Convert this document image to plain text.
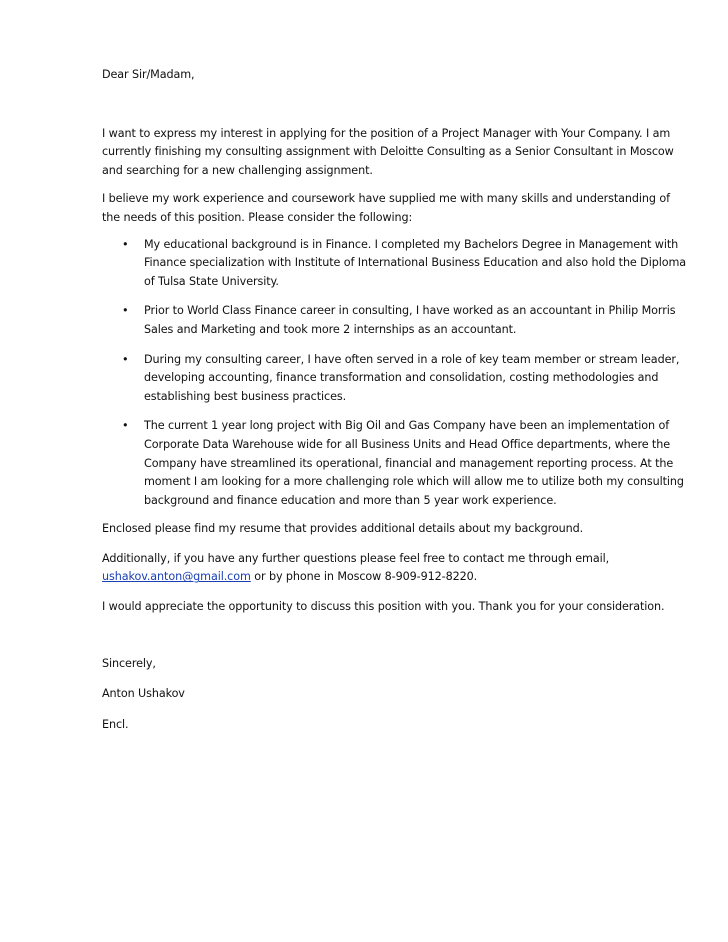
Dear Sir/Madam,

I want to express my interest in applying for the position of a Project Manager with Your Company. I am currently finishing my consulting assignment with Deloitte Consulting as a Senior Consultant in Moscow and searching for a new challenging assignment.

I believe my work experience and coursework have supplied me with many skills and understanding of the needs of this position. Please consider the following:

• My educational background is in Finance. I completed my Bachelors Degree in Management with Finance specialization with Institute of International Business Education and also hold the Diploma of Tulsa State University.
• Prior to World Class Finance career in consulting, I have worked as an accountant in Philip Morris Sales and Marketing and took more 2 internships as an accountant.
• During my consulting career, I have often served in a role of key team member or stream leader, developing accounting, finance transformation and consolidation, costing methodologies and establishing best business practices.
• The current 1 year long project with Big Oil and Gas Company have been an implementation of Corporate Data Warehouse wide for all Business Units and Head Office departments, where the Company have streamlined its operational, financial and management reporting process. At the moment I am looking for a more challenging role which will allow me to utilize both my consulting background and finance education and more than 5 year work experience.

Enclosed please find my resume that provides additional details about my background.

Additionally, if you have any further questions please feel free to contact me through email,
ushakov.anton@gmail.com or by phone in Moscow 8-909-912-8220.

I would appreciate the opportunity to discuss this position with you. Thank you for your consideration.

Sincerely,

Anton Ushakov

Encl.
